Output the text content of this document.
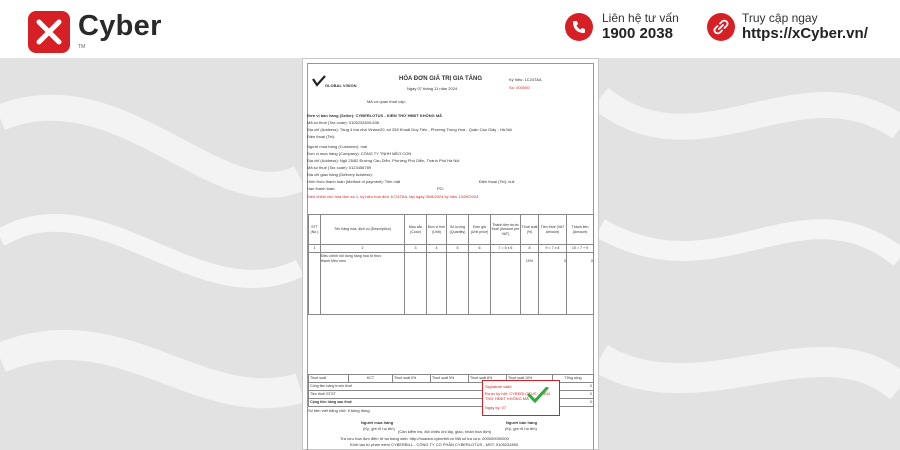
Cyber
TM
Liên hệ tư vấn
1900 2038
Truy cập ngay
https://xCyber.vn/
GLOBAL VISION
HÓA ĐƠN GIÁ TRỊ GIA TĂNG
Ngày 07 tháng 11 năm 2024
Ký hiệu: 1C24TAA
Số: 000000
Mã cơ quan thuế cấp:
Đơn vị bán hàng (Seller): CYBERLOTUS - KIỂM THỬ HĐĐT KHÔNG MÃ
Mã số thuế (Tax code): 0105232800-636
Địa chỉ (Address): Tầng 4 tòa nhà Vinaxe20, số 259 Khuất Duy Tiến - Phường Trung Hoà - Quận Cầu Giấy - Hà Nội
Điện thoại (Tel):
Người mua hàng (Customer): mai
Đơn vị mua hàng (Company): CÔNG TY TNHH MÈO CON
Địa chỉ (Address): Ngõ 25/82 Đường Cầu Diễn, Phường Phú Diễn, Thành Phố Hà Nội
Mã số thuế (Tax code): 0123456789
Địa chỉ giao hàng (Delivery Address):
Hình thức thanh toán (Method of payment): Tiền mặt	Điện thoại (Tel): null
Hạn thanh toán:	PO:
Điều chỉnh cho hóa đơn số 1, ký hiệu hóa đơn 1C24TAA, lập ngày 30/8/2024 ký hiệu 13/09/2024
STT (No.)	Tên hàng hóa, dịch vụ (Description)	Màu sắc (Color)	Đơn vị tính (Unit)	Số lượng (Quantity)	Đơn giá (Unit price)	Thành tiền trước thuế (Amount pre VAT)	Thuế suất (%)	Tiền thuế (VAT Amount)	Thành tiền (Amount)
1	2	3	4	5	6	7 = 5 x 6	8	9 = 7 x 8	10 = 7 + 9

	Điều chỉnh nội dung hàng hóa từ thực
thành Mèo meo						10%	0	0
Thuế suất	KCT	Thuế suất 0%	Thuế suất 5%	Thuế suất 8%	Thuế suất 10%	Tổng cộng
Cộng tiền hàng trước thuế						0
Tiền thuế GTGT						0
Cộng tiền hàng sau thuế						0
Số tiền viết bằng chữ: Không đồng
Người mua hàng
(Ký, ghi rõ họ tên)
Người bán hàng
(Ký, ghi rõ họ tên)
Signature valid
Được ký bởi: CYBERLOTUS - KIỂM THỬ HĐĐT KHÔNG MÃ
Ngày ký: 07
(Cần kiểm tra, đối chiếu khi lập, giao, nhận hóa đơn)
Tra cứu hóa đơn điện tử tại trang web: http://hoadon.cyberbill.vn Mã số tra cứu: 000000000000
Khởi tạo từ phần mềm CYBERBILL - CÔNG TY CỔ PHẦN CYBERLOTUS - MST: 0105232800
